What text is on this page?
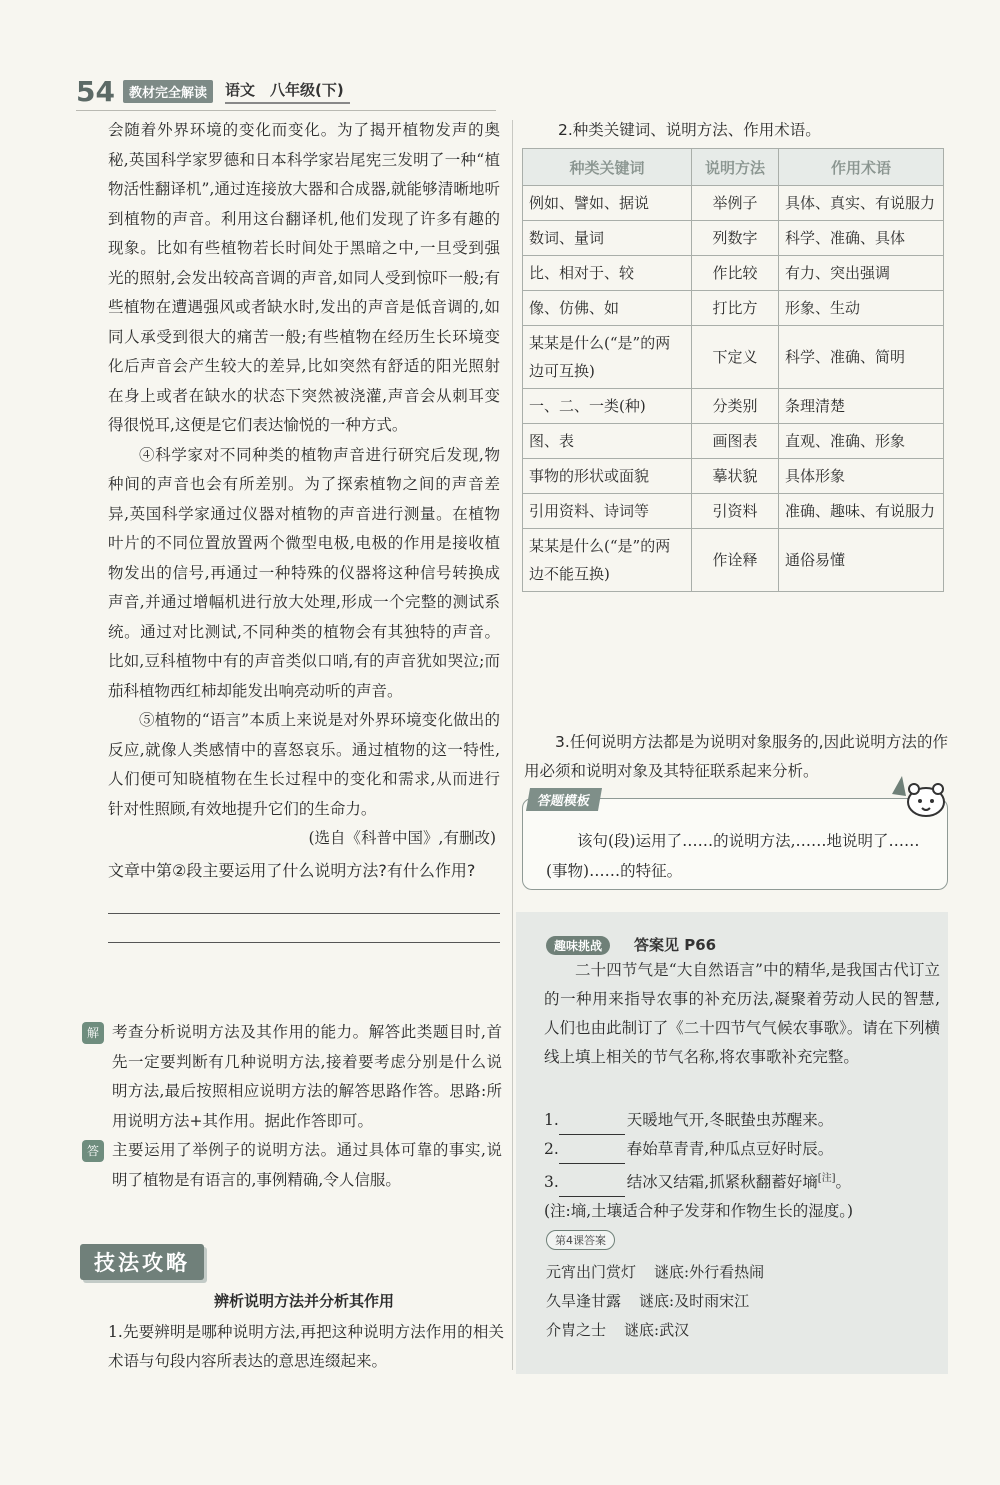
54	教材完全解读	语文　八年级(下)

会随着外界环境的变化而变化。为了揭开植物发声的奥秘,英国科学家罗德和日本科学家岩尾宪三发明了一种“植物活性翻译机”,通过连接放大器和合成器,就能够清晰地听到植物的声音。利用这台翻译机,他们发现了许多有趣的现象。比如有些植物若长时间处于黑暗之中,一旦受到强光的照射,会发出较高音调的声音,如同人受到惊吓一般;有些植物在遭遇强风或者缺水时,发出的声音是低音调的,如同人承受到很大的痛苦一般;有些植物在经历生长环境变化后声音会产生较大的差异,比如突然有舒适的阳光照射在身上或者在缺水的状态下突然被浇灌,声音会从刺耳变得很悦耳,这便是它们表达愉悦的一种方式。

④科学家对不同种类的植物声音进行研究后发现,物种间的声音也会有所差别。为了探索植物之间的声音差异,英国科学家通过仪器对植物的声音进行测量。在植物叶片的不同位置放置两个微型电极,电极的作用是接收植物发出的信号,再通过一种特殊的仪器将这种信号转换成声音,并通过增幅机进行放大处理,形成一个完整的测试系统。通过对比测试,不同种类的植物会有其独特的声音。比如,豆科植物中有的声音类似口哨,有的声音犹如哭泣;而茄科植物西红柿却能发出响亮动听的声音。

⑤植物的“语言”本质上来说是对外界环境变化做出的反应,就像人类感情中的喜怒哀乐。通过植物的这一特性,人们便可知晓植物在生长过程中的变化和需求,从而进行针对性照顾,有效地提升它们的生命力。

(选自《科普中国》,有删改)

文章中第②段主要运用了什么说明方法?有什么作用?

解 考查分析说明方法及其作用的能力。解答此类题目时,首先一定要判断有几种说明方法,接着要考虑分别是什么说明方法,最后按照相应说明方法的解答思路作答。思路:所用说明方法+其作用。据此作答即可。
答 主要运用了举例子的说明方法。通过具体可靠的事实,说明了植物是有语言的,事例精确,令人信服。
技法攻略
辨析说明方法并分析其作用
1.先要辨明是哪种说明方法,再把这种说明方法作用的相关术语与句段内容所表达的意思连缀起来。
2.种类关键词、说明方法、作用术语。
种类关键词	说明方法	作用术语
例如、譬如、据说	举例子	具体、真实、有说服力
数词、量词	列数字	科学、准确、具体
比、相对于、较	作比较	有力、突出强调
像、仿佛、如	打比方	形象、生动
某某是什么(“是”的两边可互换)	下定义	科学、准确、简明
一、二、一类(种)	分类别	条理清楚
图、表	画图表	直观、准确、形象
事物的形状或面貌	摹状貌	具体形象
引用资料、诗词等	引资料	准确、趣味、有说服力
某某是什么(“是”的两边不能互换)	作诠释	通俗易懂
3.任何说明方法都是为说明对象服务的,因此说明方法的作用必须和说明对象及其特征联系起来分析。
答题模板
该句(段)运用了……的说明方法,……地说明了……(事物)……的特征。
趣味挑战	答案见 P66
二十四节气是“大自然语言”中的精华,是我国古代订立的一种用来指导农事的补充历法,凝聚着劳动人民的智慧,人们也由此制订了《二十四节气气候农事歌》。请在下列横线上填上相关的节气名称,将农事歌补充完整。

1.	天暖地气开,冬眠蛰虫苏醒来。

2.	春始草青青,种瓜点豆好时辰。

3.	结冰又结霜,抓紧秋翻蓄好墒[注]。

(注:墒,土壤适合种子发芽和作物生长的湿度。)

第4课答案

元宵出门赏灯 谜底:外行看热闹

久旱逢甘露 谜底:及时雨宋江

介胄之士 谜底:武汉
